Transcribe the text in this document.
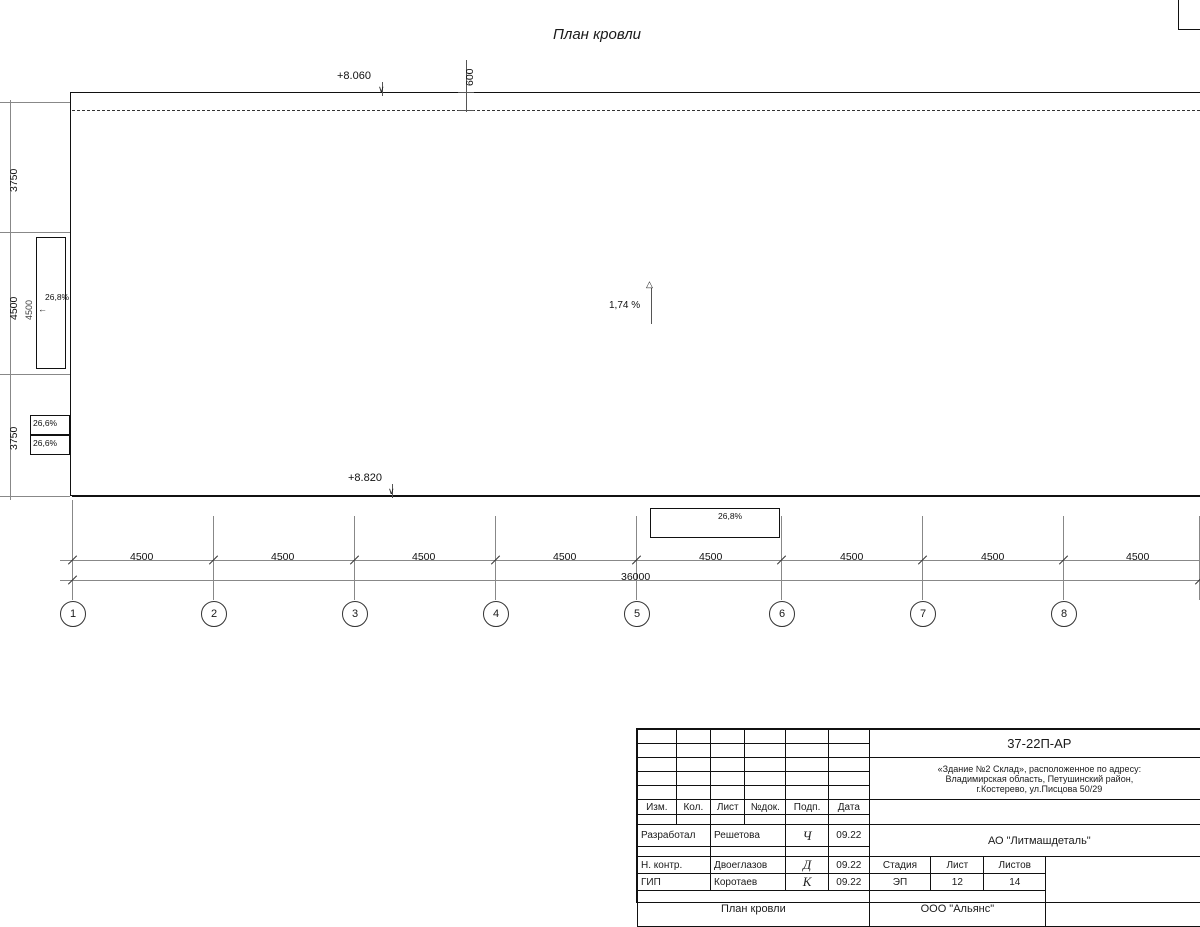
План кровли
+8.060
∨
+8.820
∨
1,74 %
△
26,8%
←
26,6%
26,6%
26,8%
600
3750
4500
3750
4500
4500	4500	4500	4500	4500	4500	4500	4500
36000
1	2	3	4	5	6	7	8
						37-22П-АР			

						«Здание №2 Склад», расположенное по адресу:
Владимирская область, Петушинский район,
г.Костерево, ул.Писцова 50/29			

Изм.	Кол.	Лист	№док.	Подп.	Дата				

Разработал		Решетова		Ч	09.22	АО "Литмашдеталь"			

Н. контр.		Двоеглазов		Д	09.22	Стадия	Лист	Листов	
ГИП		Коротаев		К	09.22	ЭП	12	14	
План кровли						ООО "Альянс"			
